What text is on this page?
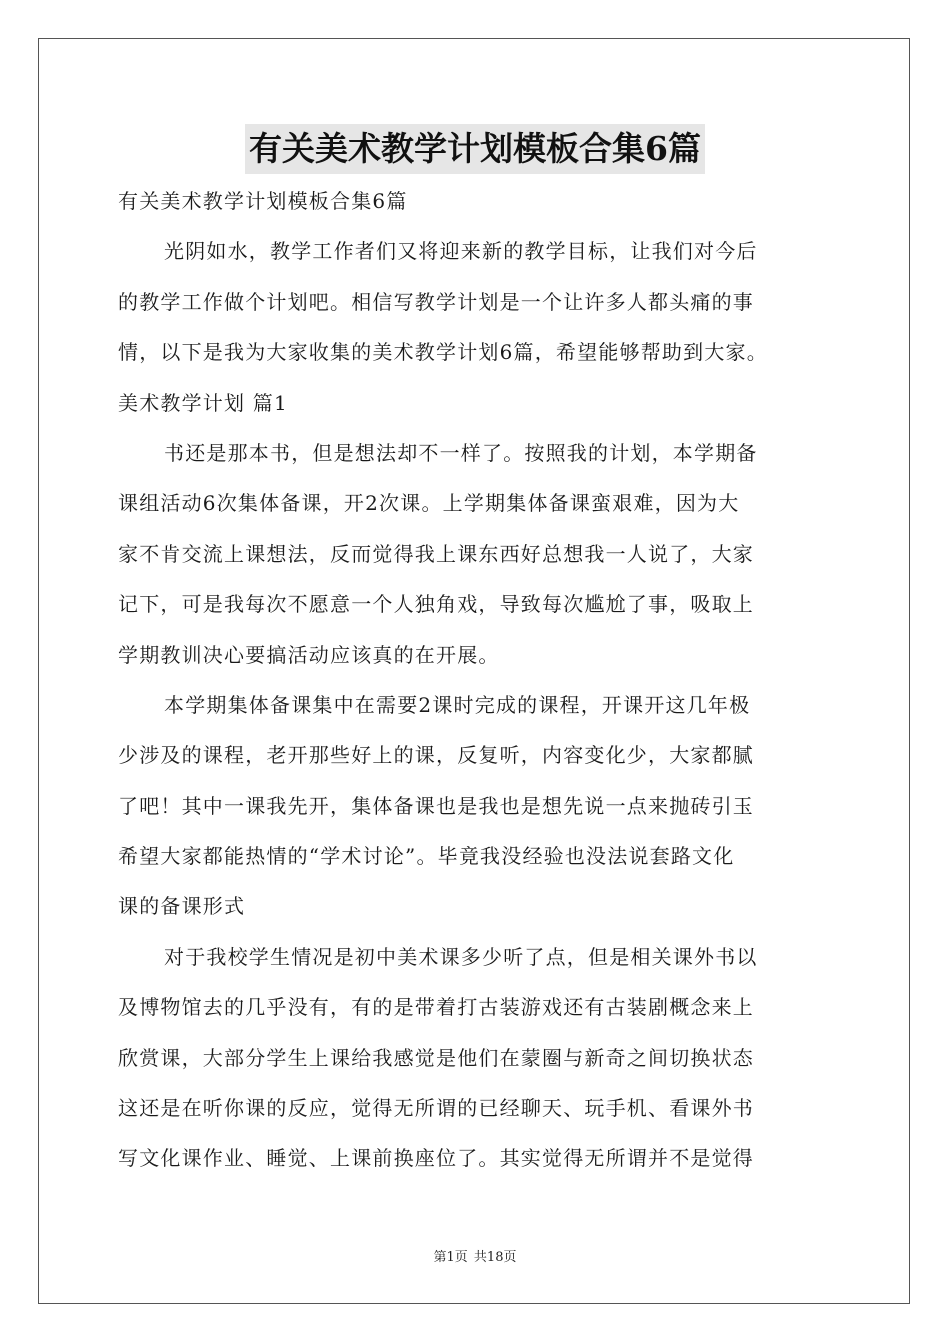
有关美术教学计划模板合集6篇
有关美术教学计划模板合集6篇
光阴如水，教学工作者们又将迎来新的教学目标，让我们对今后
的教学工作做个计划吧。相信写教学计划是一个让许多人都头痛的事
情，以下是我为大家收集的美术教学计划6篇，希望能够帮助到大家。
美术教学计划 篇1
书还是那本书，但是想法却不一样了。按照我的计划，本学期备
课组活动6次集体备课，开2次课。上学期集体备课蛮艰难，因为大
家不肯交流上课想法，反而觉得我上课东西好总想我一人说了，大家
记下，可是我每次不愿意一个人独角戏，导致每次尴尬了事，吸取上
学期教训决心要搞活动应该真的在开展。
本学期集体备课集中在需要2课时完成的课程，开课开这几年极
少涉及的课程，老开那些好上的课，反复听，内容变化少，大家都腻
了吧！其中一课我先开，集体备课也是我也是想先说一点来抛砖引玉
希望大家都能热情的“学术讨论”。毕竟我没经验也没法说套路文化
课的备课形式
对于我校学生情况是初中美术课多少听了点，但是相关课外书以
及博物馆去的几乎没有，有的是带着打古装游戏还有古装剧概念来上
欣赏课，大部分学生上课给我感觉是他们在蒙圈与新奇之间切换状态
这还是在听你课的反应，觉得无所谓的已经聊天、玩手机、看课外书
写文化课作业、睡觉、上课前换座位了。其实觉得无所谓并不是觉得
第1页 共18页
